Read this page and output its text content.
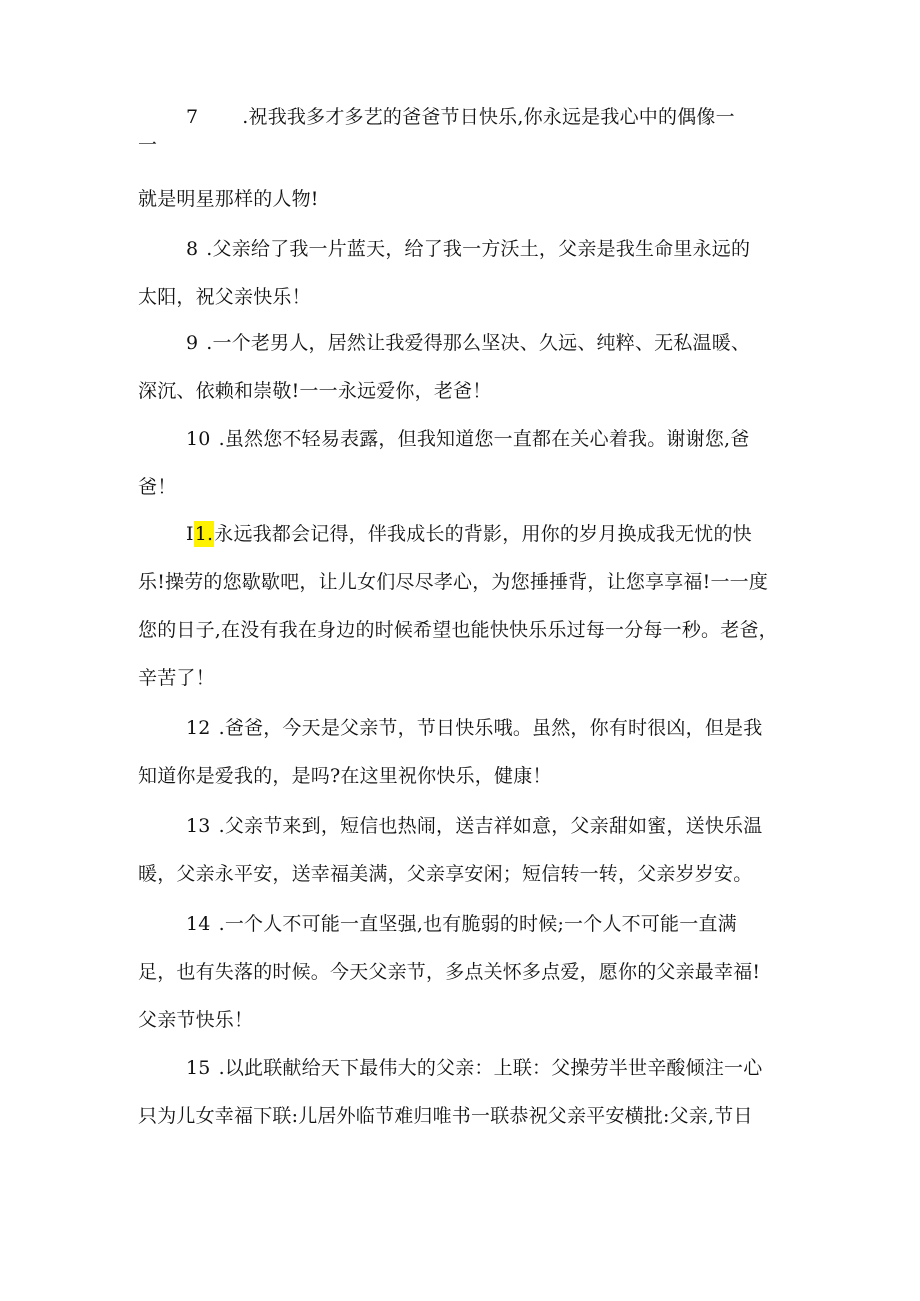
7 .祝我我多才多艺的爸爸节日快乐,你永远是我心中的偶像一
一
就是明星那样的人物!
8 .父亲给了我一片蓝天，给了我一方沃土，父亲是我生命里永远的
太阳，祝父亲快乐！
9 .一个老男人，居然让我爱得那么坚决、久远、纯粹、无私温暖、
深沉、依赖和崇敬!一一永远爱你，老爸！
10 .虽然您不轻易表露，但我知道您一直都在关心着我。谢谢您,爸
爸！
I1.永远我都会记得，伴我成长的背影，用你的岁月换成我无忧的快
乐!操劳的您歇歇吧，让儿女们尽尽孝心，为您捶捶背，让您享享福!一一度
您的日子,在没有我在身边的时候希望也能快快乐乐过每一分每一秒。老爸，
辛苦了！
12 .爸爸，今天是父亲节，节日快乐哦。虽然，你有时很凶，但是我
知道你是爱我的，是吗?在这里祝你快乐，健康！
13 .父亲节来到，短信也热闹，送吉祥如意，父亲甜如蜜，送快乐温
暖，父亲永平安，送幸福美满，父亲享安闲；短信转一转，父亲岁岁安。
14 .一个人不可能一直坚强,也有脆弱的时候;一个人不可能一直满
足，也有失落的时候。今天父亲节，多点关怀多点爱，愿你的父亲最幸福!
父亲节快乐！
15 .以此联献给天下最伟大的父亲：上联：父操劳半世辛酸倾注一心
只为儿女幸福下联:儿居外临节难归唯书一联恭祝父亲平安横批:父亲,节日
